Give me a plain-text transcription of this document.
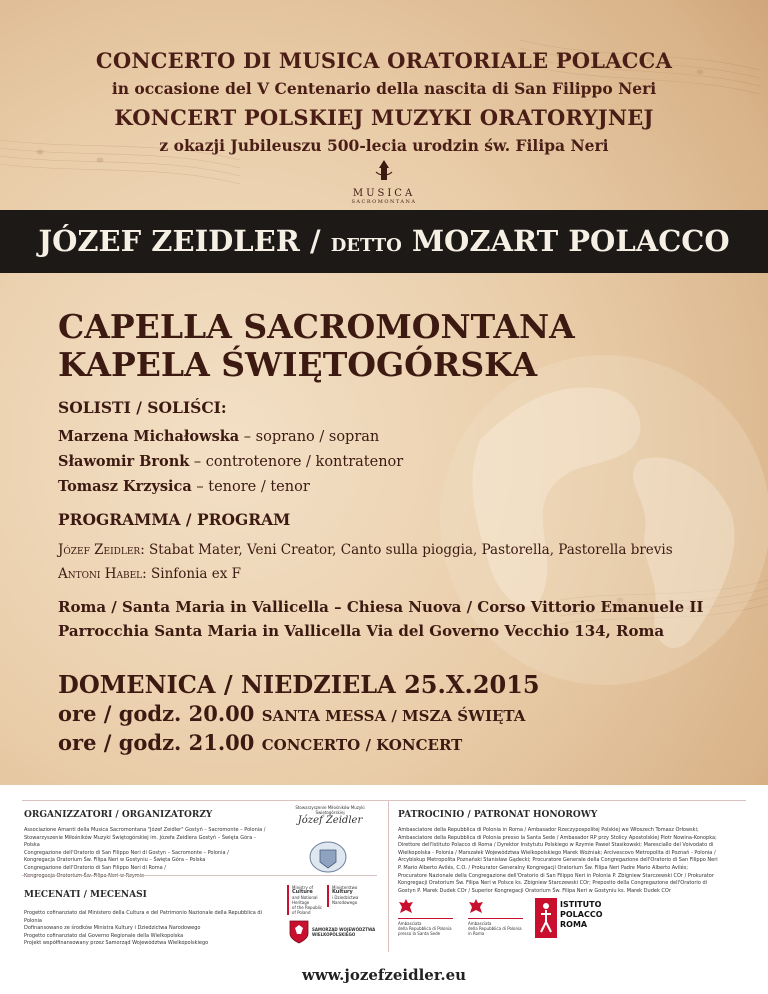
CONCERTO DI MUSICA ORATORIALE POLACCA
in occasione del V Centenario della nascita di San Filippo Neri
KONCERT POLSKIEJ MUZYKI ORATORYJNEJ
z okazji Jubileuszu 500-lecia urodzin św. Filipa Neri
MUSICA
SACROMONTANA
JÓZEF ZEIDLER / DETTO MOZART POLACCO
CAPELLA SACROMONTANA
KAPELA ŚWIĘTOGÓRSKA
SOLISTI / SOLIŚCI:
Marzena Michałowska – soprano / sopran
Sławomir Bronk – controtenore / kontratenor
Tomasz Krzysica – tenore / tenor
PROGRAMMA / PROGRAM
Józef Zeidler: Stabat Mater, Veni Creator, Canto sulla pioggia, Pastorella, Pastorella brevis
Antoni Habel: Sinfonia ex F
Roma / Santa Maria in Vallicella – Chiesa Nuova / Corso Vittorio Emanuele II
Parrocchia Santa Maria in Vallicella Via del Governo Vecchio 134, Roma
DOMENICA / NIEDZIELA 25.X.2015
ore / godz. 20.00 SANTA MESSA / MSZA ŚWIĘTA
ore / godz. 21.00 CONCERTO / KONCERT
ORGANIZZATORI / ORGANIZATORZY
Associazione Amanti della Musica Sacromontana "Józef Zeidler" Gostyń – Sacromonte – Polonia /
Stowarzyszenie Miłośników Muzyki Świętogórskiej im. Józefa Zeidlera Gostyń – Święta Góra - Polska
Congregazione dell'Oratorio di San Filippo Neri di Gostyn – Sacromonte – Polonia /
Kongregacja Oratorium Św. Filipa Neri w Gostyniu – Święta Góra – Polska
Congregazione dell'Oratorio di San Filippo Neri di Roma /
MECENATI / MECENASI
Progetto cofinanziato dal Ministero della Cultura e del Patrimonio Nazionale della Repubblica di Polonia
Dofinansowano ze środków Ministra Kultury i Dziedzictwa Narodowego
Progetto cofinanziato dal Governo Regionale della Wielkopolska
Projekt współfinansowany przez Samorząd Województwa Wielkopolskiego
Stowarzyszenie Miłośników Muzyki Świętogórskiej
Józef Zeidler
Ministry of
Culture
and National
Heritage
of the Republic
of Poland
Ministerstwo
Kultury
i Dziedzictwa
Narodowego
SAMORZĄD WOJEWÓDZTWA
WIELKOPOLSKIEGO
PATROCINIO / PATRONAT HONOROWY
Ambasciatore della Repubblica di Polonia in Roma / Ambasador Rzeczypospolitej Polskiej we Włoszech Tomasz Orłowski;
Ambasciatore della Repubblica di Polonia presso la Santa Sede / Ambasador RP przy Stolicy Apostolskiej Piotr Nowina-Konopka;
Direttore dell'Istituto Polacco di Roma / Dyrektor Instytutu Polskiego w Rzymie Paweł Stasikowski; Maresciallo del Voivodato di
Wielkopolska - Polonia / Marszałek Województwa Wielkopolskiego Marek Woźniak; Arcivescovo Metropolita di Poznań - Polonia /
Arcybiskup Metropolita Poznański Stanisław Gądecki; Procuratore Generale della Congregazione dell'Oratorio di San Filippo Neri
P. Mario Alberto Avilés, C.O. / Prokurator Generalny Kongregacji Oratorium Św. Filipa Neri Padre Mario Alberto Avilés;
Procuratore Nazionale della Congregazione dell'Oratorio di San Filippo Neri in Polonia P. Zbigniew Starczewski COr / Prokurator
Kongregacji Oratorium Św. Filipa Neri w Polsce ks. Zbigniew Starczewski COr; Preposito della Congregazione dell'Oratorio di
Gostyn P. Marek Dudek COr / Superior Kongregacji Oratorium Św. Filipa Neri w Gostyniu ks. Marek Dudek COr
Ambasciata
della Repubblica di Polonia
presso la Santa Sede
Ambasciata
della Repubblica di Polonia
in Roma
ISTITUTO
POLACCO
ROMA
www.jozefzeidler.eu
